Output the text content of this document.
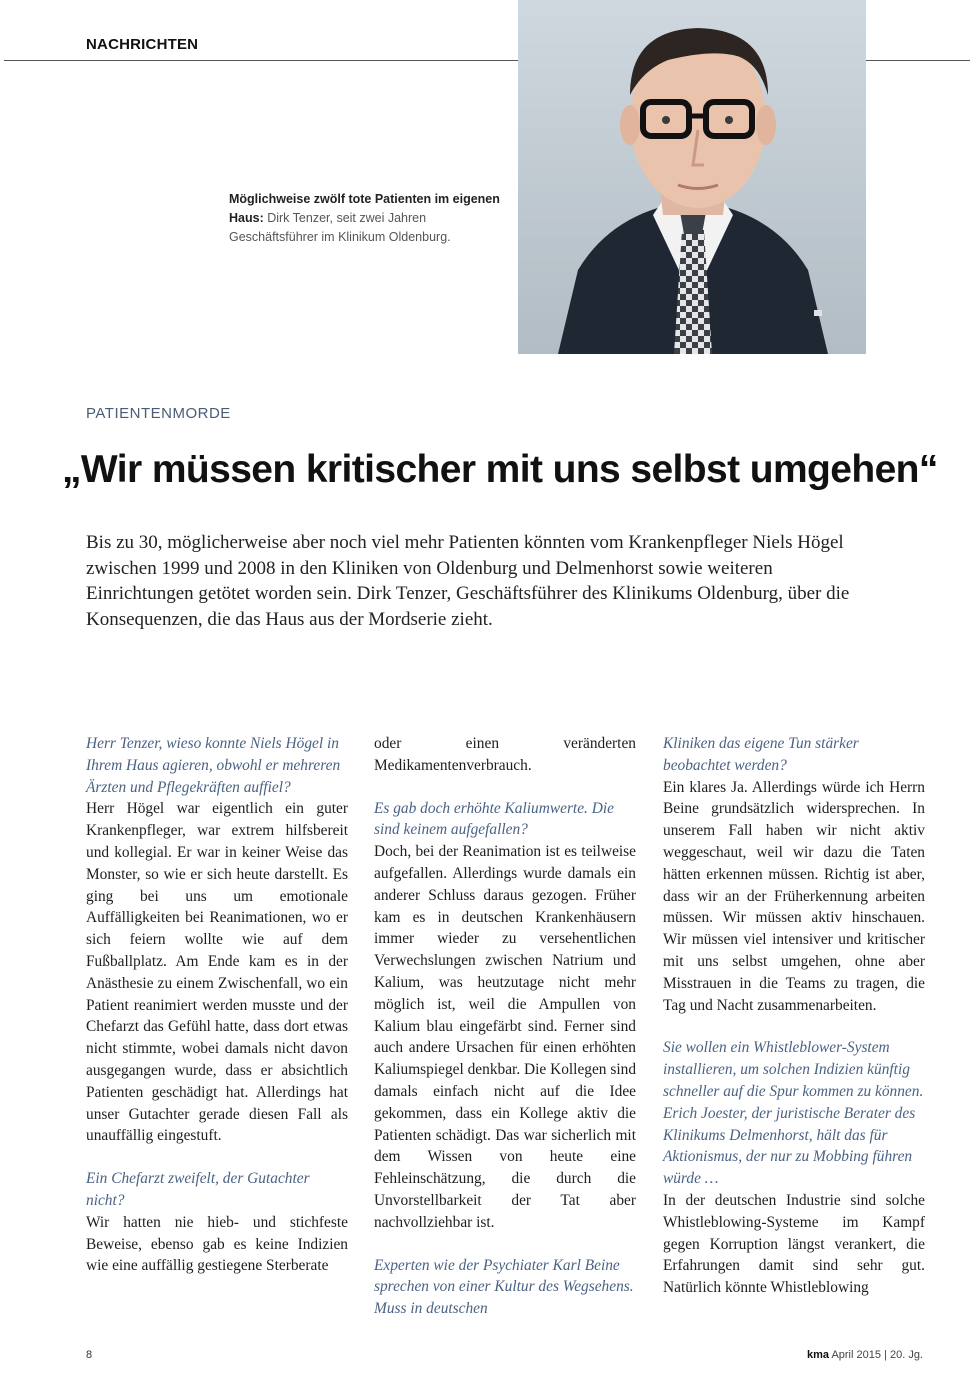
NACHRICHTEN
Möglichweise zwölf tote Patienten im eigenen Haus: Dirk Tenzer, seit zwei Jahren Geschäftsführer im Klinikum Oldenburg.
PATIENTENMORDE
„Wir müssen kritischer mit uns selbst umgehen“

Bis zu 30, möglicherweise aber noch viel mehr Patienten könnten vom Krankenpfleger Niels Högel zwischen 1999 und 2008 in den Kliniken von Oldenburg und Delmenhorst sowie weiteren Einrichtungen getötet worden sein. Dirk Tenzer, Geschäftsführer des Klinikums Oldenburg, über die Konsequenzen, die das Haus aus der Mordserie zieht.

Herr Tenzer, wieso konnte Niels Högel in Ihrem Haus agieren, obwohl er mehreren Ärzten und Pflegekräften auffiel?

Herr Högel war eigentlich ein guter Krankenpfleger, war extrem hilfsbereit und kollegial. Er war in keiner Weise das Monster, so wie er sich heute darstellt. Es ging bei uns um emotionale Auffälligkeiten bei Reanimationen, wo er sich feiern wollte wie auf dem Fußballplatz. Am Ende kam es in der Anästhesie zu einem Zwischenfall, wo ein Patient reanimiert werden musste und der Chefarzt das Gefühl hatte, dass dort etwas nicht stimmte, wobei damals nicht davon ausgegangen wurde, dass er absichtlich Patienten geschädigt hat. Allerdings hat unser Gutachter gerade diesen Fall als unauffällig eingestuft.

Ein Chefarzt zweifelt, der Gutachter nicht?

Wir hatten nie hieb- und stichfeste Beweise, ebenso gab es keine Indizien wie eine auffällig gestiegene Sterberate

oder einen veränderten Medikamentenverbrauch.

Es gab doch erhöhte Kaliumwerte. Die sind keinem aufgefallen?

Doch, bei der Reanimation ist es teilweise aufgefallen. Allerdings wurde damals ein anderer Schluss daraus gezogen. Früher kam es in deutschen Krankenhäusern immer wieder zu versehentlichen Verwechslungen zwischen Natrium und Kalium, was heutzutage nicht mehr möglich ist, weil die Ampullen von Kalium blau eingefärbt sind. Ferner sind auch andere Ursachen für einen erhöhten Kaliumspiegel denkbar. Die Kollegen sind damals einfach nicht auf die Idee gekommen, dass ein Kollege aktiv die Patienten schädigt. Das war sicherlich mit dem Wissen von heute eine Fehleinschätzung, die durch die Unvorstellbarkeit der Tat aber nachvollziehbar ist.

Experten wie der Psychiater Karl Beine sprechen von einer Kultur des Wegsehens. Muss in deutschen

Kliniken das eigene Tun stärker beobachtet werden?

Ein klares Ja. Allerdings würde ich Herrn Beine grundsätzlich widersprechen. In unserem Fall haben wir nicht aktiv weggeschaut, weil wir dazu die Taten hätten erkennen müssen. Richtig ist aber, dass wir an der Früherkennung arbeiten müssen. Wir müssen aktiv hinschauen. Wir müssen viel intensiver und kritischer mit uns selbst umgehen, ohne aber Misstrauen in die Teams zu tragen, die Tag und Nacht zusammenarbeiten.

Sie wollen ein Whistleblower-System installieren, um solchen Indizien künftig schneller auf die Spur kommen zu können. Erich Joester, der juristische Berater des Klinikums Delmenhorst, hält das für Aktionismus, der nur zu Mobbing führen würde …

In der deutschen Industrie sind solche Whistleblowing-Systeme im Kampf gegen Korruption längst verankert, die Erfahrungen damit sind sehr gut. Natürlich könnte Whistleblowing

8	kma April 2015 | 20. Jg.
